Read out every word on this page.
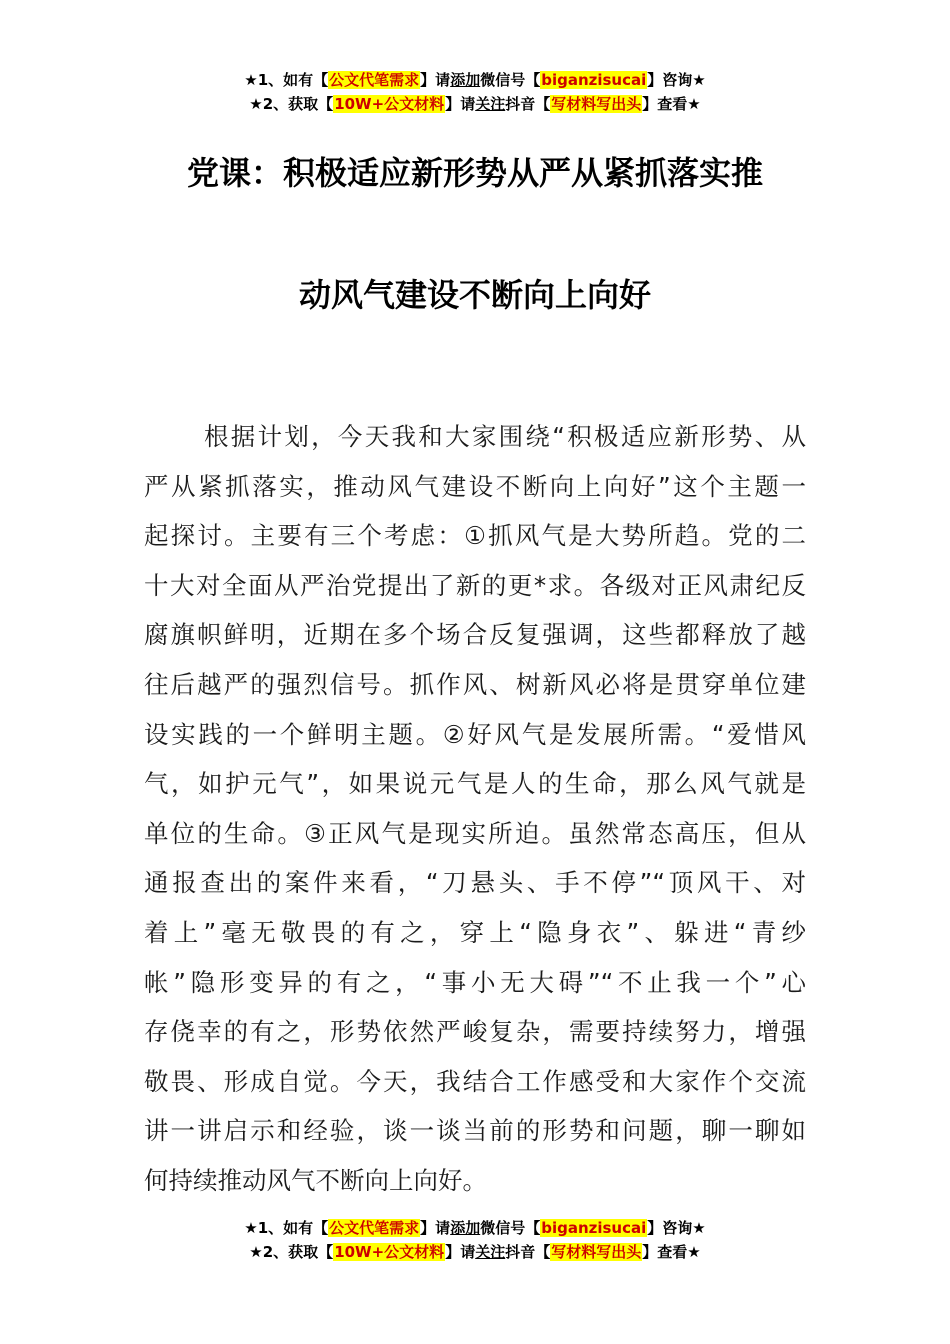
★1、如有【公文代笔需求】请添加微信号【biganzisucai】咨询★
★2、获取【10W+公文材料】请关注抖音【写材料写出头】查看★
党课：积极适应新形势从严从紧抓落实推
动风气建设不断向上向好
根据计划，今天我和大家围绕“积极适应新形势、从
严从紧抓落实，推动风气建设不断向上向好”这个主题一
起探讨。主要有三个考虑：①抓风气是大势所趋。党的二
十大对全面从严治党提出了新的更*求。各级对正风肃纪反
腐旗帜鲜明，近期在多个场合反复强调，这些都释放了越
往后越严的强烈信号。抓作风、树新风必将是贯穿单位建
设实践的一个鲜明主题。②好风气是发展所需。“爱惜风
气，如护元气”，如果说元气是人的生命，那么风气就是
单位的生命。③正风气是现实所迫。虽然常态高压，但从
通报查出的案件来看，“刀悬头、手不停”“顶风干、对
着上”毫无敬畏的有之，穿上“隐身衣”、躲进“青纱
帐”隐形变异的有之，“事小无大碍”“不止我一个”心
存侥幸的有之，形势依然严峻复杂，需要持续努力，增强
敬畏、形成自觉。今天，我结合工作感受和大家作个交流
讲一讲启示和经验，谈一谈当前的形势和问题，聊一聊如
何持续推动风气不断向上向好。
★1、如有【公文代笔需求】请添加微信号【biganzisucai】咨询★
★2、获取【10W+公文材料】请关注抖音【写材料写出头】查看★
